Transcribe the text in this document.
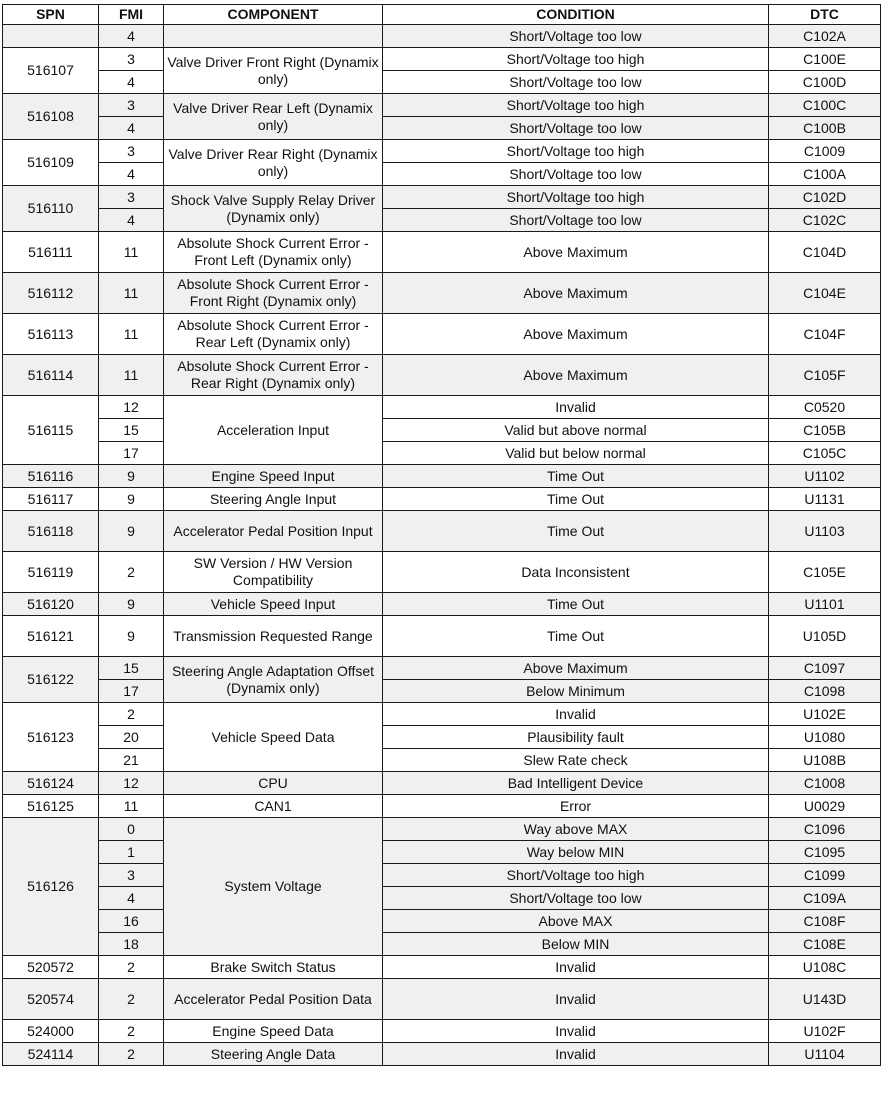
SPN	FMI	COMPONENT	CONDITION	DTC
	4		Short/Voltage too low	C102A
516107	3	Valve Driver Front Right (Dynamix only)	Short/Voltage too high	C100E
	4		Short/Voltage too low	C100D
516108	3	Valve Driver Rear Left (Dynamix only)	Short/Voltage too high	C100C
	4		Short/Voltage too low	C100B
516109	3	Valve Driver Rear Right (Dynamix only)	Short/Voltage too high	C1009
	4		Short/Voltage too low	C100A
516110	3	Shock Valve Supply Relay Driver (Dynamix only)	Short/Voltage too high	C102D
	4		Short/Voltage too low	C102C
516111	11	Absolute Shock Current Error - Front Left (Dynamix only)	Above Maximum	C104D
516112	11	Absolute Shock Current Error - Front Right (Dynamix only)	Above Maximum	C104E
516113	11	Absolute Shock Current Error - Rear Left (Dynamix only)	Above Maximum	C104F
516114	11	Absolute Shock Current Error - Rear Right (Dynamix only)	Above Maximum	C105F
516115	12	Acceleration Input	Invalid	C0520
	15		Valid but above normal	C105B
	17		Valid but below normal	C105C
516116	9	Engine Speed Input	Time Out	U1102
516117	9	Steering Angle Input	Time Out	U1131
516118	9	Accelerator Pedal Position Input	Time Out	U1103
516119	2	SW Version / HW Version Compatibility	Data Inconsistent	C105E
516120	9	Vehicle Speed Input	Time Out	U1101
516121	9	Transmission Requested Range	Time Out	U105D
516122	15	Steering Angle Adaptation Offset (Dynamix only)	Above Maximum	C1097
	17		Below Minimum	C1098
516123	2	Vehicle Speed Data	Invalid	U102E
	20		Plausibility fault	U1080
	21		Slew Rate check	U108B
516124	12	CPU	Bad Intelligent Device	C1008
516125	11	CAN1	Error	U0029
516126	0	System Voltage	Way above MAX	C1096
	1		Way below MIN	C1095
	3		Short/Voltage too high	C1099
	4		Short/Voltage too low	C109A
	16		Above MAX	C108F
	18		Below MIN	C108E
520572	2	Brake Switch Status	Invalid	U108C
520574	2	Accelerator Pedal Position Data	Invalid	U143D
524000	2	Engine Speed Data	Invalid	U102F
524114	2	Steering Angle Data	Invalid	U1104
